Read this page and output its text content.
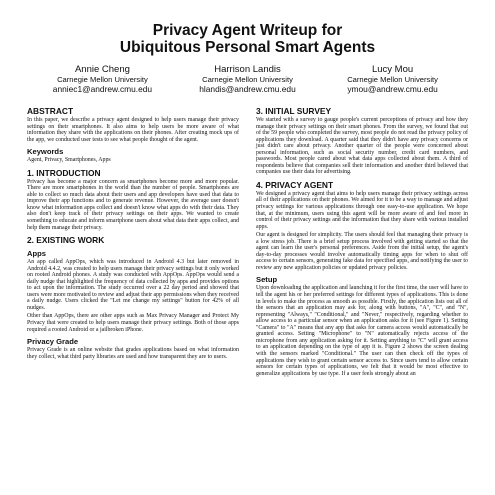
Privacy Agent Writeup for
Ubiquitous Personal Smart Agents
Annie Cheng
Carnegie Mellon University
anniec1@andrew.cmu.edu
Harrison Landis
Carnegie Mellon University
hlandis@andrew.cmu.edu
Lucy Mou
Carnegie Mellon University
ymou@andrew.cmu.edu
ABSTRACT

In this paper, we describe a privacy agent designed to help users manage their privacy settings on their smartphones. It also aims to help users be more aware of what information they share with the applications on their phones. After creating mock ups of the app, we conducted user tests to see what people thought of the agent.

Keywords

Agent, Privacy, Smartphones, Apps

1. INTRODUCTION

Privacy has become a major concern as smartphones become more and more popular. There are more smartphones in the world than the number of people. Smartphones are able to collect so much data about their users and app developers have used that data to improve their app functions and to generate revenue. However, the average user doesn't know what information apps collect and doesn't know what apps do with their data. They also don't keep track of their privacy settings on their apps. We wanted to create something to educate and inform smartphone users about what data their apps collect, and help them manage their privacy.

2. EXISTING WORK
Apps

An app called AppOps, which was introduced in Android 4.3 but later removed in Android 4.4.2, was created to help users manage their privacy settings but it only worked on rooted Android phones. A study was conducted with AppOps. AppOps would send a daily nudge that highlighted the frequency of data collected by apps and provides options to act upon the information. The study occurred over a 22 day period and showed that users were more motivated to review and adjust their app permissions when they received a daily nudge. Users clicked the "Let me change my settings" button for 42% of all nudges.

Other than AppOps, there are other apps such as Max Privacy Manager and Protect My Privacy that were created to help users manage their privacy settings. Both of those apps required a rooted Android or a jailbroken iPhone.

Privacy Grade

Privacy Grade is an online website that grades applications based on what information they collect, what third party libraries are used and how transparent they are to users.

3. INITIAL SURVEY

We started with a survey to gauge people's current perceptions of privacy and how they manage their privacy settings on their smart phones. From the survey, we found that out of the 59 people who completed the survey, most people do not read the privacy policy of applications they download. A quarter said that they didn't have any privacy concerns or just didn't care about privacy. Another quarter of the people were concerned about personal information, such as social security number, credit card numbers, and passwords. Most people cared about what data apps collected about them. A third of respondents believe that companies sell their information and another third believed that companies use their data for advertising.

4. PRIVACY AGENT

We designed a privacy agent that aims to help users manage their privacy settings across all of their applications on their phones. We aimed for it to be a way to manage and adjust privacy settings for various applications through one easy-to-use application. We hope that, at the minimum, users using this agent will be more aware of and feel more in control of their privacy settings and the information that they share with various installed apps.

Our agent is designed for simplicity. The users should feel that managing their privacy is a low stress job. There is a brief setup process involved with getting started so that the agent can learn the user's personal preferences. Aside from the initial setup, the agent's day-to-day processes would involve automatically timing apps for when to shut off access to certain sensors, generating fake data for specified apps, and notifying the user to review any new application policies or updated privacy policies.

Setup

Upon downloading the application and launching it for the first time, the user will have to tell the agent his or her preferred settings for different types of applications. This is done in levels to make the process as smooth as possible. Firstly, the application lists out all of the sensors that an application may ask for, along with buttons, "A", "C", and "N", representing "Always," "Conditional," and "Never," respectively, regarding whether to allow access to a particular sensor when an application asks for it (see Figure 1). Setting "Camera" to "A" means that any app that asks for camera access would automatically be granted access. Setting "Microphone" to "N" automatically rejects access of the microphone from any application asking for it. Setting anything to "C" will grant access to an application depending on the type of app it is. Figure 2 shows the screen dealing with the sensors marked "Conditional." The user can then check off the types of applications they wish to grant certain sensor access to. Since users tend to allow certain sensors for certain types of applications, we felt that it would be most effective to generalize applications by use type. If a user feels strongly about an
